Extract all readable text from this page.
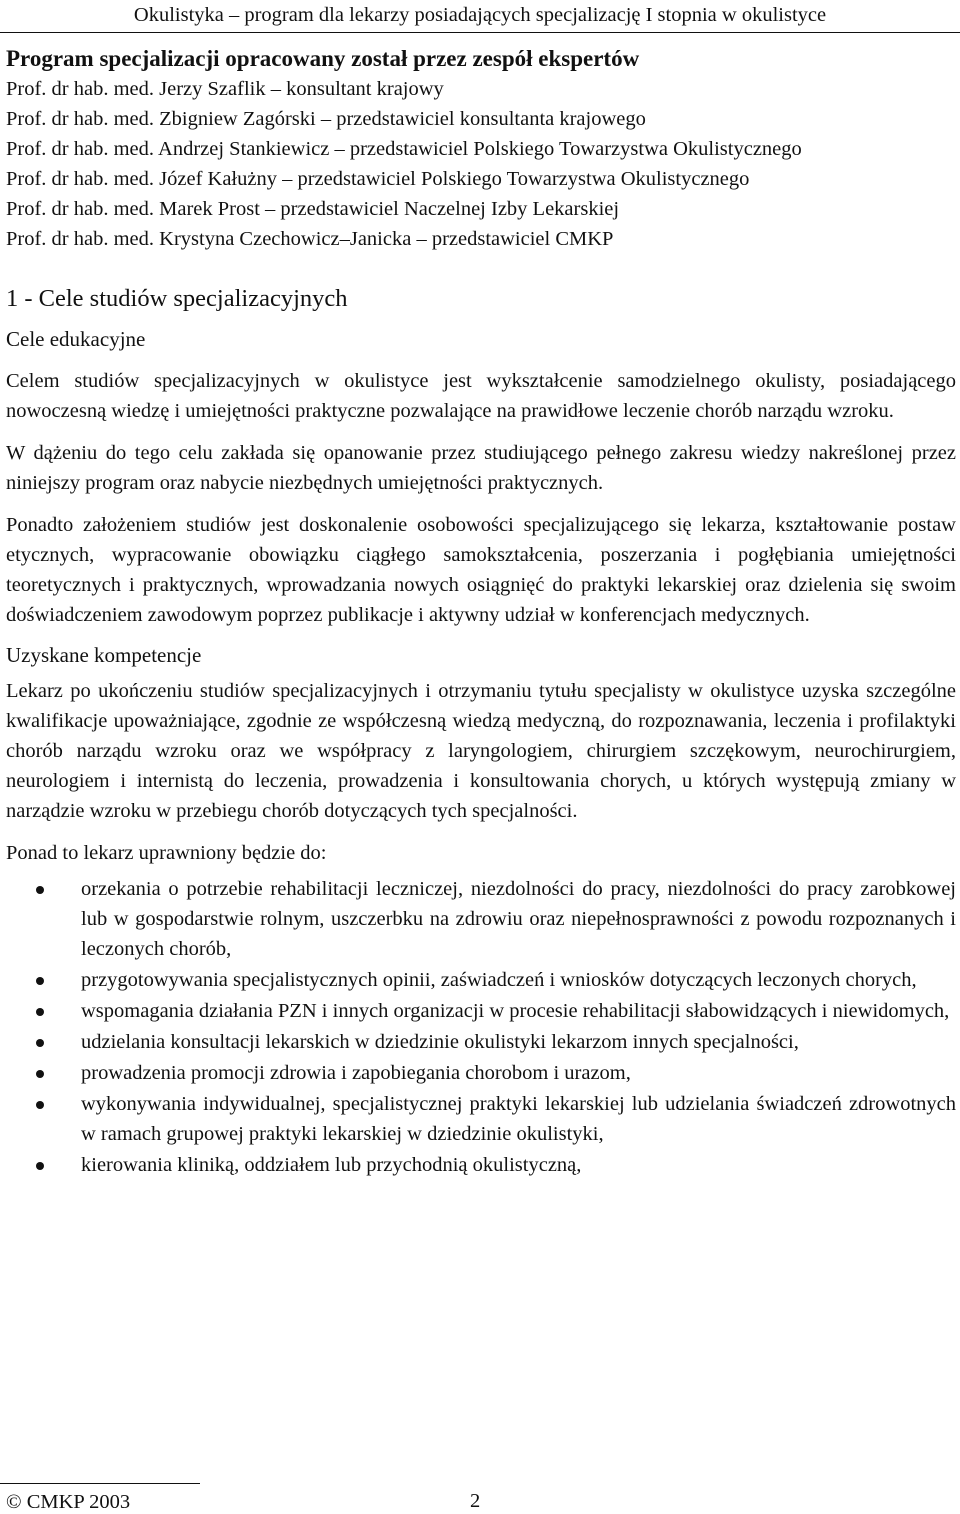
Okulistyka – program dla lekarzy posiadających specjalizację I stopnia w okulistyce

Program specjalizacji opracowany został przez zespół ekspertów

Prof. dr hab. med. Jerzy Szaflik – konsultant krajowy
Prof. dr hab. med. Zbigniew Zagórski – przedstawiciel konsultanta krajowego
Prof. dr hab. med. Andrzej Stankiewicz – przedstawiciel Polskiego Towarzystwa Okulistycznego
Prof. dr hab. med. Józef Kałużny – przedstawiciel Polskiego Towarzystwa Okulistycznego
Prof. dr hab. med. Marek Prost – przedstawiciel Naczelnej Izby Lekarskiej
Prof. dr hab. med. Krystyna Czechowicz–Janicka – przedstawiciel CMKP
1 - Cele studiów specjalizacyjnych
Cele edukacyjne

Celem studiów specjalizacyjnych w okulistyce jest wykształcenie samodzielnego okulisty, posiadającego nowoczesną wiedzę i umiejętności praktyczne pozwalające na prawidłowe leczenie chorób narządu wzroku.

W dążeniu do tego celu zakłada się opanowanie przez studiującego pełnego zakresu wiedzy nakreślonej przez niniejszy program oraz nabycie niezbędnych umiejętności praktycznych.

Ponadto założeniem studiów jest doskonalenie osobowości specjalizującego się lekarza, kształtowanie postaw etycznych, wypracowanie obowiązku ciągłego samokształcenia, poszerzania i pogłębiania umiejętności teoretycznych i praktycznych, wprowadzania nowych osiągnięć do praktyki lekarskiej oraz dzielenia się swoim doświadczeniem zawodowym poprzez publikacje i aktywny udział w konferencjach medycznych.

Uzyskane kompetencje

Lekarz po ukończeniu studiów specjalizacyjnych i otrzymaniu tytułu specjalisty w okulistyce uzyska szczególne kwalifikacje upoważniające, zgodnie ze współczesną wiedzą medyczną, do rozpoznawania, leczenia i profilaktyki chorób narządu wzroku oraz we współpracy z laryngologiem, chirurgiem szczękowym, neurochirurgiem, neurologiem i internistą do leczenia, prowadzenia i konsultowania chorych, u których występują zmiany w narządzie wzroku w przebiegu chorób dotyczących tych specjalności.

Ponad to lekarz uprawniony będzie do:

orzekania o potrzebie rehabilitacji leczniczej, niezdolności do pracy, niezdolności do pracy zarobkowej lub w gospodarstwie rolnym, uszczerbku na zdrowiu oraz niepełnosprawności z powodu rozpoznanych i leczonych chorób,
przygotowywania specjalistycznych opinii, zaświadczeń i wniosków dotyczących leczonych chorych,
wspomagania działania PZN i innych organizacji w procesie rehabilitacji słabowidzących i niewidomych,
udzielania konsultacji lekarskich w dziedzinie okulistyki lekarzom innych specjalności,
prowadzenia promocji zdrowia i zapobiegania chorobom i urazom,
wykonywania indywidualnej, specjalistycznej praktyki lekarskiej lub udzielania świadczeń zdrowotnych w ramach grupowej praktyki lekarskiej w dziedzinie okulistyki,
kierowania kliniką, oddziałem lub przychodnią okulistyczną,
© CMKP 2003	2
